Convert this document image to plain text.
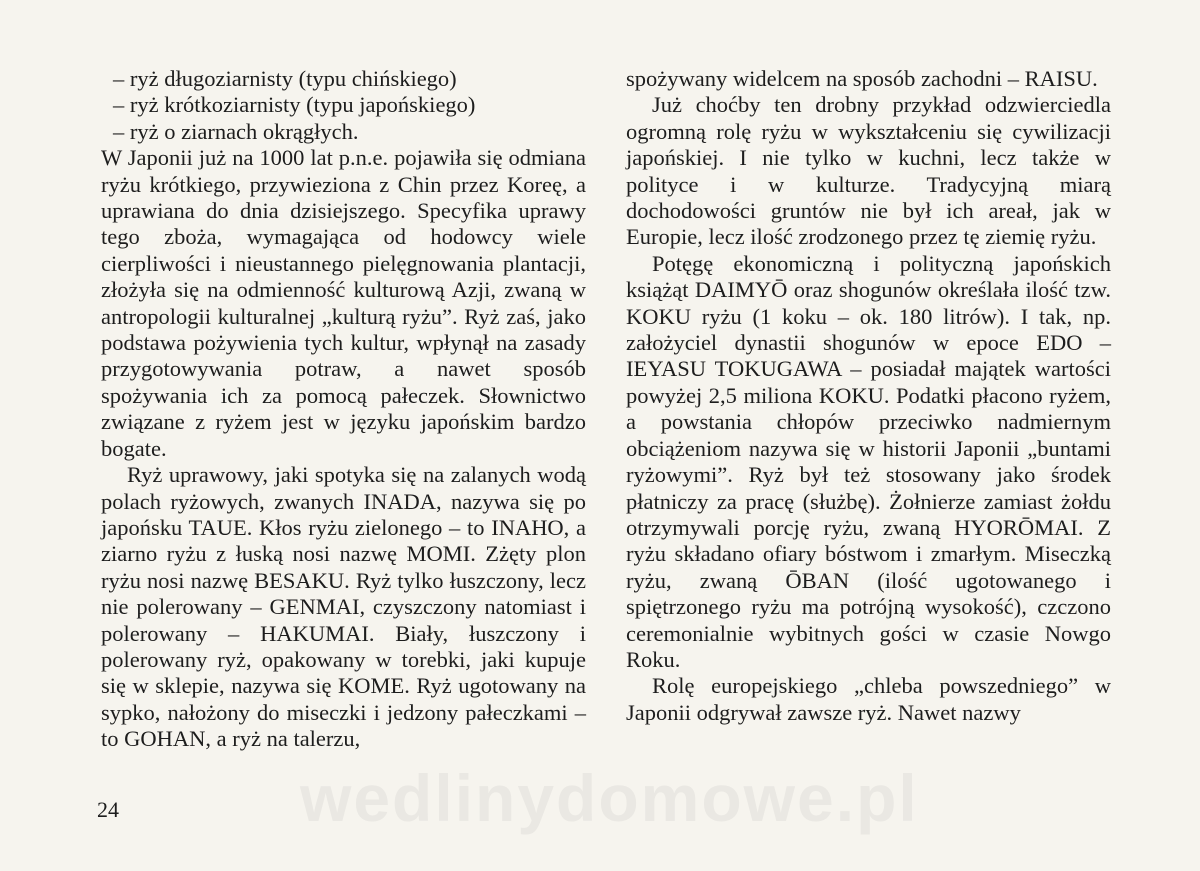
– ryż długoziarnisty (typu chińskiego)

– ryż krótkoziarnisty (typu japońskiego)

– ryż o ziarnach okrągłych.

W Japonii już na 1000 lat p.n.e. pojawiła się odmiana ryżu krótkiego, przywieziona z Chin przez Koreę, a uprawiana do dnia dzisiejszego. Specyfika uprawy tego zboża, wymagająca od hodowcy wiele cierpliwości i nieustannego pielęgnowania plantacji, złożyła się na odmienność kulturową Azji, zwaną w antropologii kulturalnej „kulturą ryżu”. Ryż zaś, jako podstawa pożywienia tych kultur, wpłynął na zasady przygotowywania potraw, a nawet sposób spożywania ich za pomocą pałeczek. Słownictwo związane z ryżem jest w języku japońskim bardzo bogate.

Ryż uprawowy, jaki spotyka się na zalanych wodą polach ryżowych, zwanych INADA, nazywa się po japońsku TAUE. Kłos ryżu zielonego – to INAHO, a ziarno ryżu z łuską nosi nazwę MOMI. Zżęty plon ryżu nosi nazwę BESAKU. Ryż tylko łuszczony, lecz nie polerowany – GENMAI, czyszczony natomiast i polerowany – HAKUMAI. Biały, łuszczony i polerowany ryż, opakowany w torebki, jaki kupuje się w sklepie, nazywa się KOME. Ryż ugotowany na sypko, nałożony do miseczki i jedzony pałeczkami – to GOHAN, a ryż na talerzu,

spożywany widelcem na sposób zachodni – RAISU.

Już choćby ten drobny przykład odzwierciedla ogromną rolę ryżu w wykształceniu się cywilizacji japońskiej. I nie tylko w kuchni, lecz także w polityce i w kulturze. Tradycyjną miarą dochodowości gruntów nie był ich areał, jak w Europie, lecz ilość zrodzonego przez tę ziemię ryżu.

Potęgę ekonomiczną i polityczną japońskich książąt DAIMYŌ oraz shogunów określała ilość tzw. KOKU ryżu (1 koku – ok. 180 litrów). I tak, np. założyciel dynastii shogunów w epoce EDO – IEYASU TOKUGAWA – posiadał majątek wartości powyżej 2,5 miliona KOKU. Podatki płacono ryżem, a powstania chłopów przeciwko nadmiernym obciążeniom nazywa się w historii Japonii „buntami ryżowymi”. Ryż był też stosowany jako środek płatniczy za pracę (służbę). Żołnierze zamiast żołdu otrzymywali porcję ryżu, zwaną HYORŌMAI. Z ryżu składano ofiary bóstwom i zmarłym. Miseczką ryżu, zwaną ŌBAN (ilość ugotowanego i spiętrzonego ryżu ma potrójną wysokość), czczono ceremonialnie wybitnych gości w czasie Nowgo Roku.

Rolę europejskiego „chleba powszedniego” w Japonii odgrywał zawsze ryż. Nawet nazwy

24	wedlinydomowe.pl
